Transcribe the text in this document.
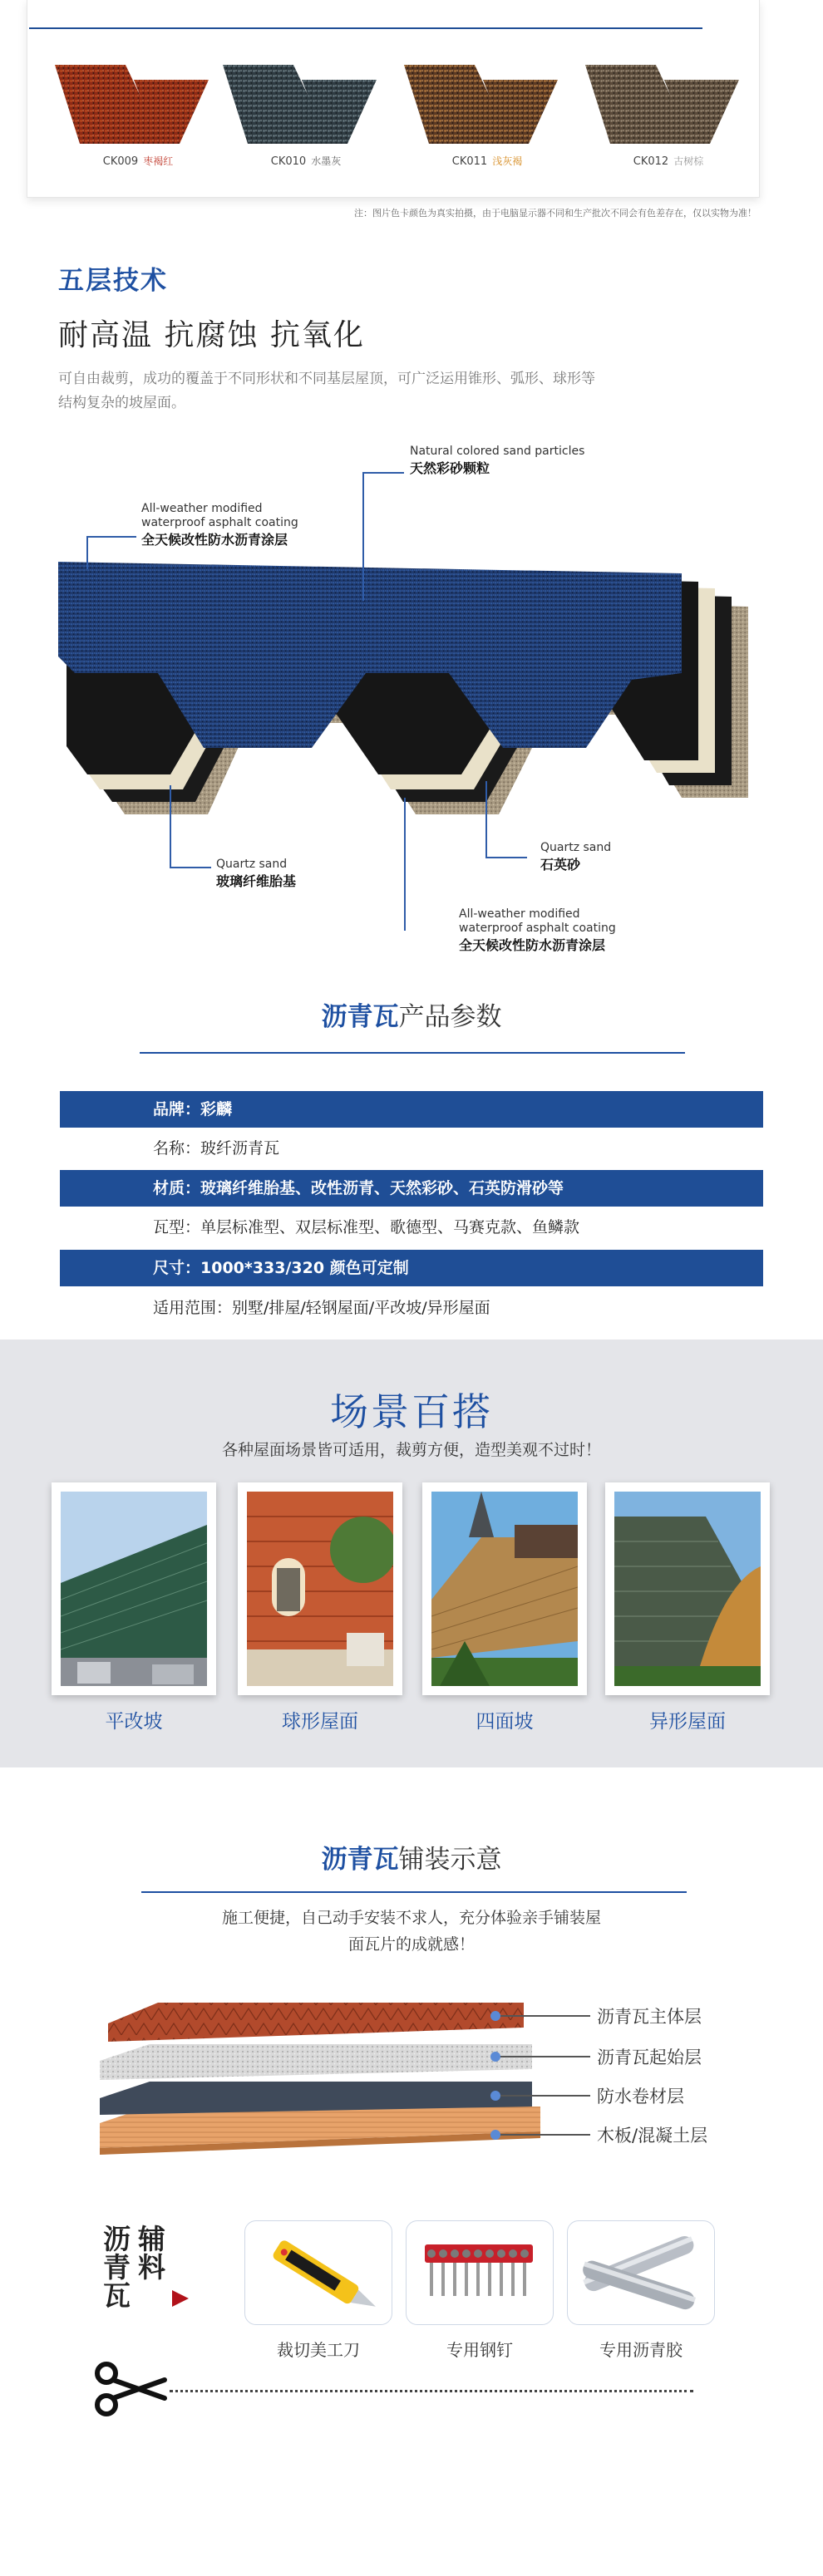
CK009 枣褐红	CK010 水墨灰	CK011 浅灰褐	CK012 古树棕
注：图片色卡颜色为真实拍摄，由于电脑显示器不同和生产批次不同会有色差存在，仅以实物为准！
五层技术
耐高温 抗腐蚀 抗氧化
可自由裁剪，成功的覆盖于不同形状和不同基层屋顶，可广泛运用锥形、弧形、球形等结构复杂的坡屋面。
Natural colored sand particles
天然彩砂颗粒
All-weather modified
waterproof asphalt coating
全天候改性防水沥青涂层
Quartz sand
玻璃纤维胎基
Quartz sand
石英砂
All-weather modified
waterproof asphalt coating
全天候改性防水沥青涂层
沥青瓦产品参数
品牌：彩麟
名称：玻纤沥青瓦
材质：玻璃纤维胎基、改性沥青、天然彩砂、石英防滑砂等
瓦型：单层标准型、双层标准型、歌德型、马赛克款、鱼鳞款
尺寸：1000*333/320 颜色可定制
适用范围：别墅/排屋/轻钢屋面/平改坡/异形屋面
场景百搭
各种屋面场景皆可适用，裁剪方便，造型美观不过时！
平改坡	球形屋面	四面坡	异形屋面
沥青瓦铺装示意
施工便捷，自己动手安装不求人，充分体验亲手铺装屋
面瓦片的成就感！
沥青瓦主体层
沥青瓦起始层
防水卷材层
木板/混凝土层
沥 辅
青 料
瓦
裁切美工刀	专用钢钉	专用沥青胶
